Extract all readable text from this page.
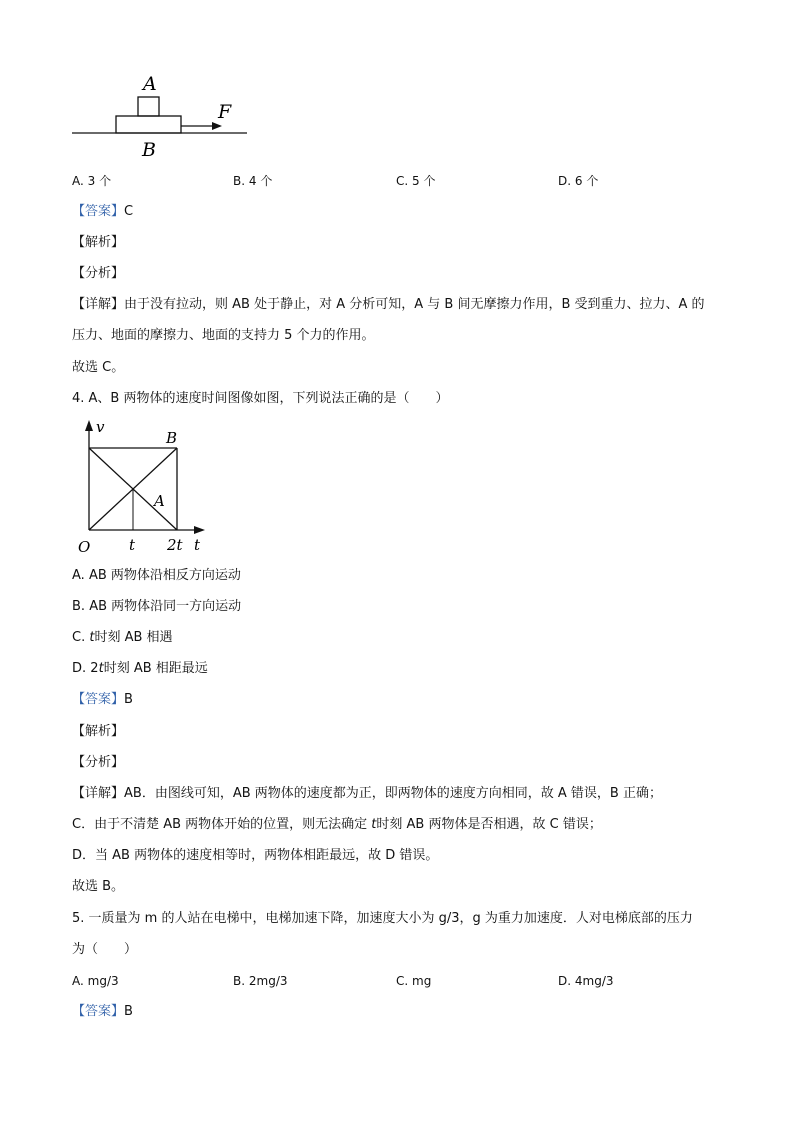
A
F
B
A. 3 个	B. 4 个	C. 5 个	D. 6 个
【答案】C
【解析】
【分析】
【详解】由于没有拉动，则 AB 处于静止，对 A 分析可知，A 与 B 间无摩擦力作用，B 受到重力、拉力、A 的
压力、地面的摩擦力、地面的支持力 5 个力的作用。
故选 C。
4. A、B 两物体的速度时间图像如图，下列说法正确的是（　　）
v
B
A
O	t 2t t
A. AB 两物体沿相反方向运动
B. AB 两物体沿同一方向运动
C. t时刻 AB 相遇
D. 2t时刻 AB 相距最远
【答案】B
【解析】
【分析】
【详解】AB．由图线可知，AB 两物体的速度都为正，即两物体的速度方向相同，故 A 错误，B 正确；
C．由于不清楚 AB 两物体开始的位置，则无法确定 t时刻 AB 两物体是否相遇，故 C 错误；
D．当 AB 两物体的速度相等时，两物体相距最远，故 D 错误。
故选 B。
5. 一质量为 m 的人站在电梯中，电梯加速下降，加速度大小为 g/3，g 为重力加速度．人对电梯底部的压力
为（　　）
A. mg/3	B. 2mg/3	C. mg	D. 4mg/3
【答案】B
